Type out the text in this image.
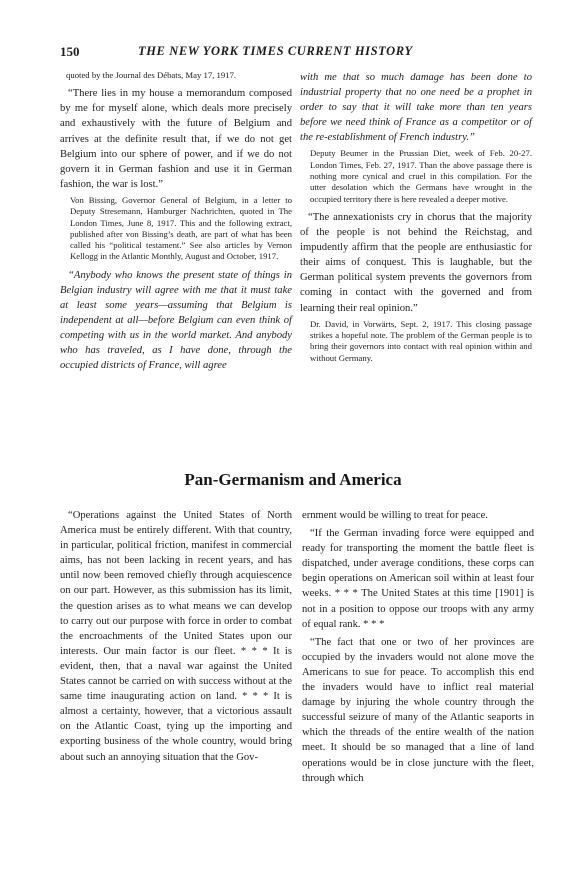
150	THE NEW YORK TIMES CURRENT HISTORY

quoted by the Journal des Débats, May 17, 1917.

“There lies in my house a memorandum composed by me for myself alone, which deals more precisely and exhaustively with the future of Belgium and arrives at the definite result that, if we do not get Belgium into our sphere of power, and if we do not govern it in German fashion and use it in German fashion, the war is lost.”

Von Bissing, Governor General of Belgium, in a letter to Deputy Stresemann, Hamburger Nachrichten, quoted in The London Times, June 8, 1917. This and the following extract, published after von Bissing’s death, are part of what has been called his “political testament.” See also articles by Vernon Kellogg in the Atlantic Monthly, August and October, 1917.

“Anybody who knows the present state of things in Belgian industry will agree with me that it must take at least some years—assuming that Belgium is independent at all—before Belgium can even think of competing with us in the world market. And anybody who has traveled, as I have done, through the occupied districts of France, will agree

with me that so much damage has been done to industrial property that no one need be a prophet in order to say that it will take more than ten years before we need think of France as a competitor or of the re-establishment of French industry.”

Deputy Beumer in the Prussian Diet, week of Feb. 20-27. London Times, Feb. 27, 1917. Than the above passage there is nothing more cynical and cruel in this compilation. For the utter desolation which the Germans have wrought in the occupied territory there is here revealed a deeper motive.

“The annexationists cry in chorus that the majority of the people is not behind the Reichstag, and impudently affirm that the people are enthusiastic for their aims of conquest. This is laughable, but the German political system prevents the governors from coming in contact with the governed and from learning their real opinion.”

Dr. David, in Vorwärts, Sept. 2, 1917. This closing passage strikes a hopeful note. The problem of the German people is to bring their governors into contact with real opinion within and without Germany.

Pan-Germanism and America

“Operations against the United States of North America must be entirely different. With that country, in particular, political friction, manifest in commercial aims, has not been lacking in recent years, and has until now been removed chiefly through acquiescence on our part. However, as this submission has its limit, the question arises as to what means we can develop to carry out our purpose with force in order to combat the encroachments of the United States upon our interests. Our main factor is our fleet. * * * It is evident, then, that a naval war against the United States cannot be carried on with success without at the same time inaugurating action on land. * * * It is almost a certainty, however, that a victorious assault on the Atlantic Coast, tying up the importing and exporting business of the whole country, would bring about such an annoying situation that the Gov-

ernment would be willing to treat for peace.

“If the German invading force were equipped and ready for transporting the moment the battle fleet is dispatched, under average conditions, these corps can begin operations on American soil within at least four weeks. * * * The United States at this time [1901] is not in a position to oppose our troops with any army of equal rank. * * *

“The fact that one or two of her provinces are occupied by the invaders would not alone move the Americans to sue for peace. To accomplish this end the invaders would have to inflict real material damage by injuring the whole country through the successful seizure of many of the Atlantic seaports in which the threads of the entire wealth of the nation meet. It should be so managed that a line of land operations would be in close juncture with the fleet, through which
